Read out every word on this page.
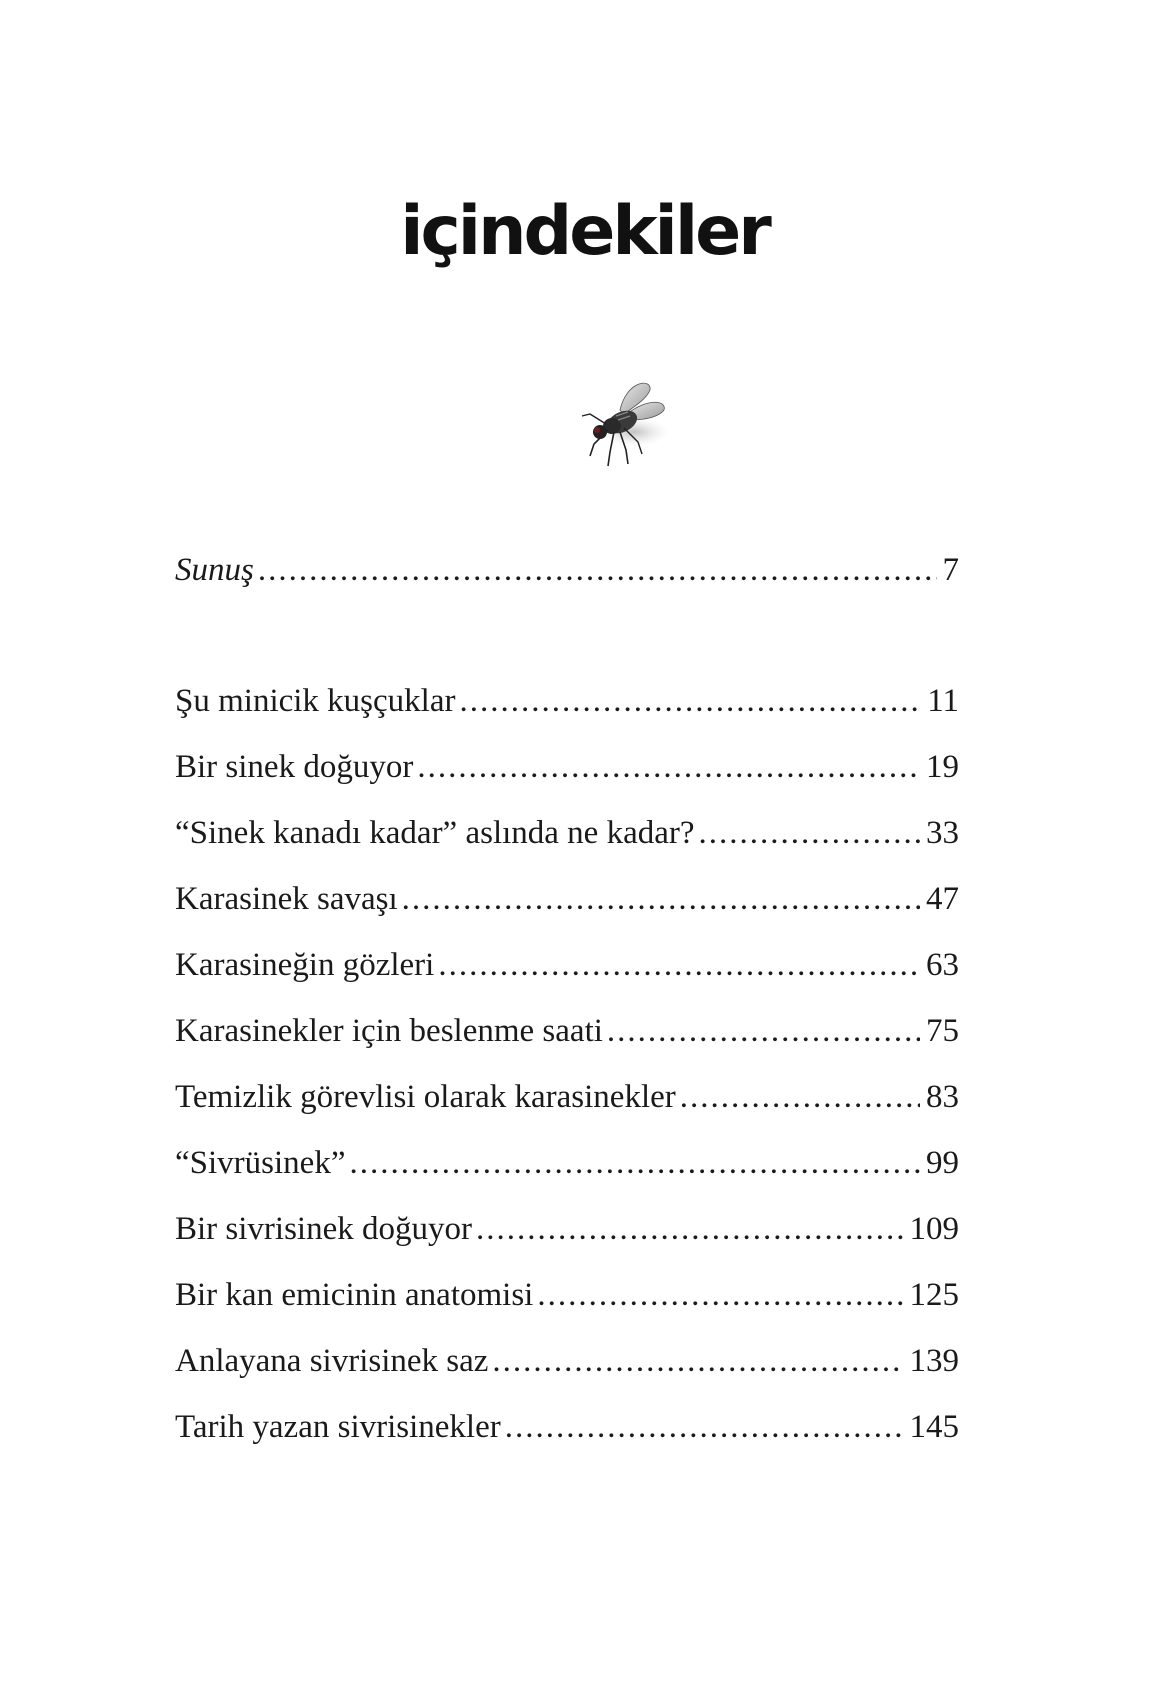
içindekiler
Sunuş .....	7
Şu minicik kuşçuklar .....	11
Bir sinek doğuyor .....	19
“Sinek kanadı kadar” aslında ne kadar? .....	33
Karasinek savaşı .....	47
Karasineğin gözleri .....	63
Karasinekler için beslenme saati .....	75
Temizlik görevlisi olarak karasinekler .....	83
“Sivrüsinek” .....	99
Bir sivrisinek doğuyor .....	109
Bir kan emicinin anatomisi .....	125
Anlayana sivrisinek saz .....	139
Tarih yazan sivrisinekler .....	145
